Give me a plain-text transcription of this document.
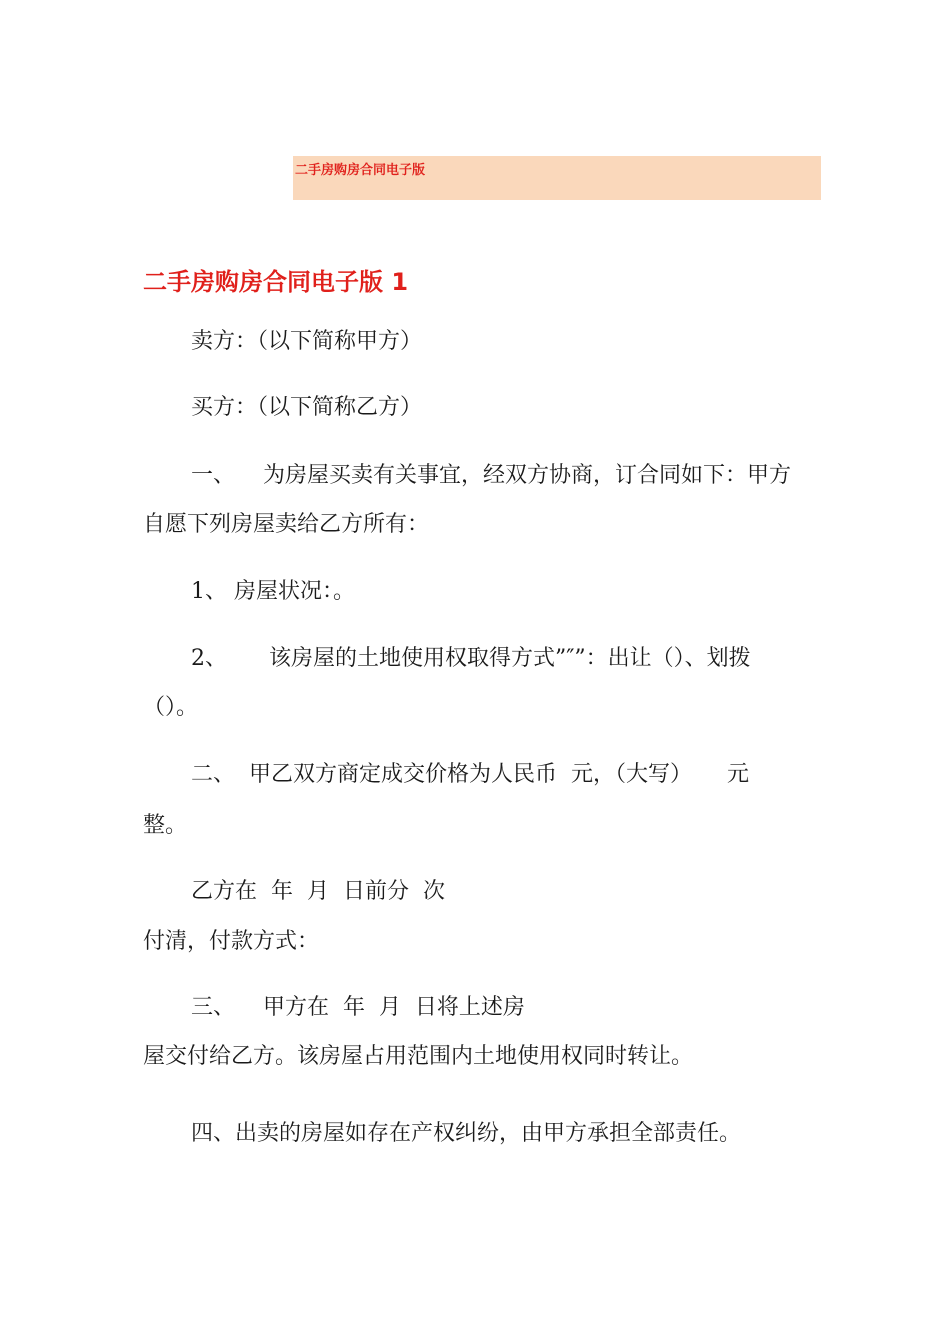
二手房购房合同电子版
二手房购房合同电子版 1
卖方：（以下简称甲方）
买方：（以下简称乙方）
一、    为房屋买卖有关事宜，经双方协商，订合同如下：甲方
自愿下列房屋卖给乙方所有：
1、 房屋状况：。
2、      该房屋的土地使用权取得方式”″”：出让（）、划拨
（）。
二、  甲乙双方商定成交价格为人民币  元，（大写）     元
整。
乙方在  年  月  日前分  次
付清，付款方式：
三、    甲方在  年  月  日将上述房
屋交付给乙方。该房屋占用范围内土地使用权同时转让。
四、出卖的房屋如存在产权纠纷，由甲方承担全部责任。
